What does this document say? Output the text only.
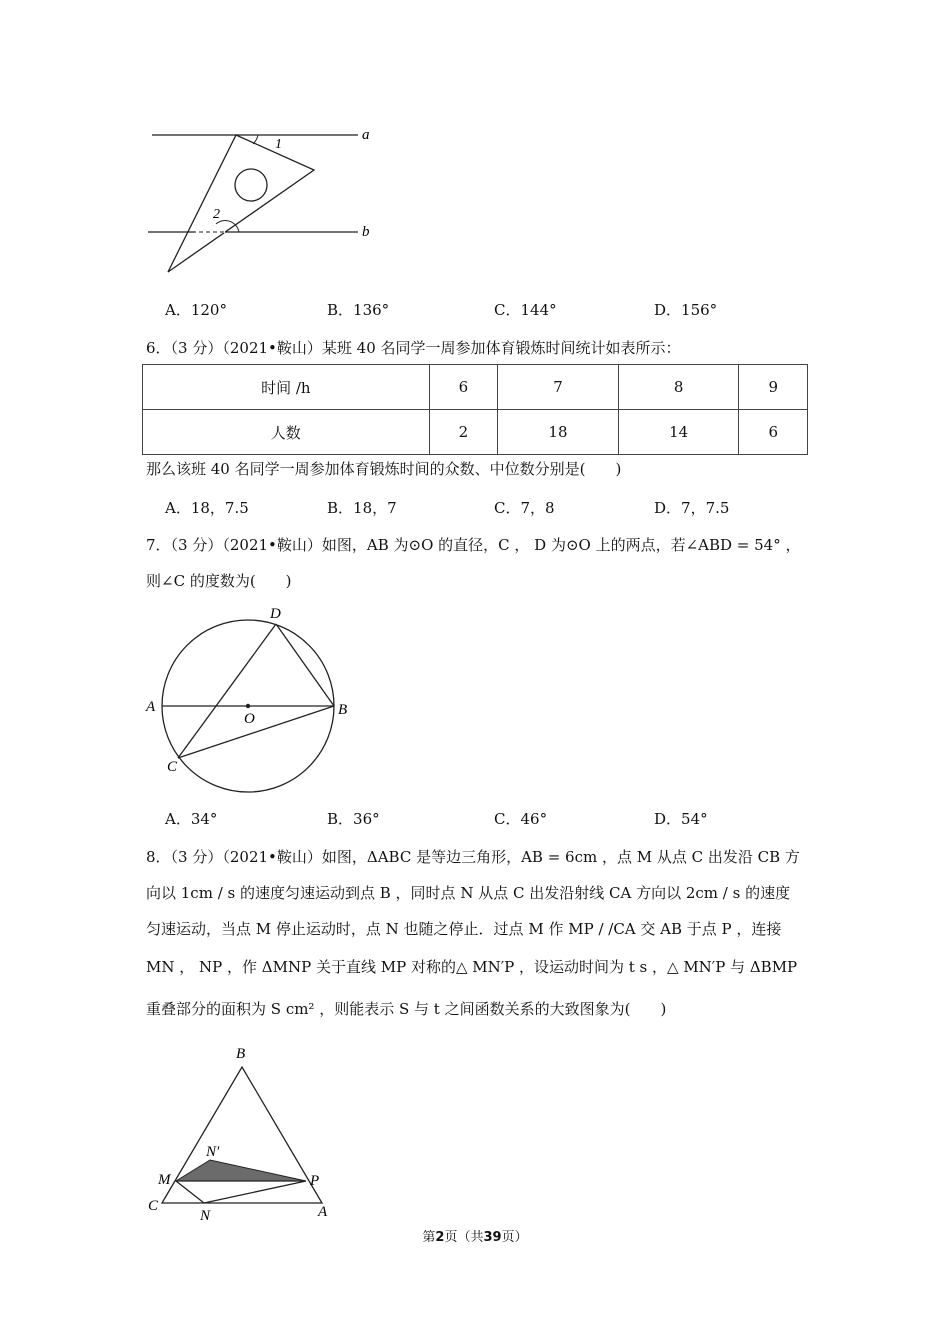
a
b
1
2
A．120°	B．136°	C．144°	D．156°
6．（3 分）（2021•鞍山）某班 40 名同学一周参加体育锻炼时间统计如表所示：
时间 /h	6	7	8	9
人数	2	18	14	6
那么该班 40 名同学一周参加体育锻炼时间的众数、中位数分别是(　　)
A．18，7.5	B．18，7	C．7，8	D．7，7.5
7．（3 分）（2021•鞍山）如图，AB 为⊙O 的直径，C ， D 为⊙O 上的两点，若∠ABD = 54° ，
则∠C 的度数为(　　)
A	B
C
D
O
A．34°	B．36°	C．46°	D．54°
8．（3 分）（2021•鞍山）如图，ΔABC 是等边三角形，AB = 6cm ，点 M 从点 C 出发沿 CB 方
向以 1cm / s 的速度匀速运动到点 B ，同时点 N 从点 C 出发沿射线 CA 方向以 2cm / s 的速度
匀速运动，当点 M 停止运动时，点 N 也随之停止．过点 M 作 MP / /CA 交 AB 于点 P ，连接
MN ， NP ，作 ΔMNP 关于直线 MP 对称的△ MN′P ，设运动时间为 t s ，△ MN′P 与 ΔBMP
重叠部分的面积为 S cm² ，则能表示 S 与 t 之间函数关系的大致图象为(　　)
B
M
N′
P
C
N	A
第2页（共39页）
